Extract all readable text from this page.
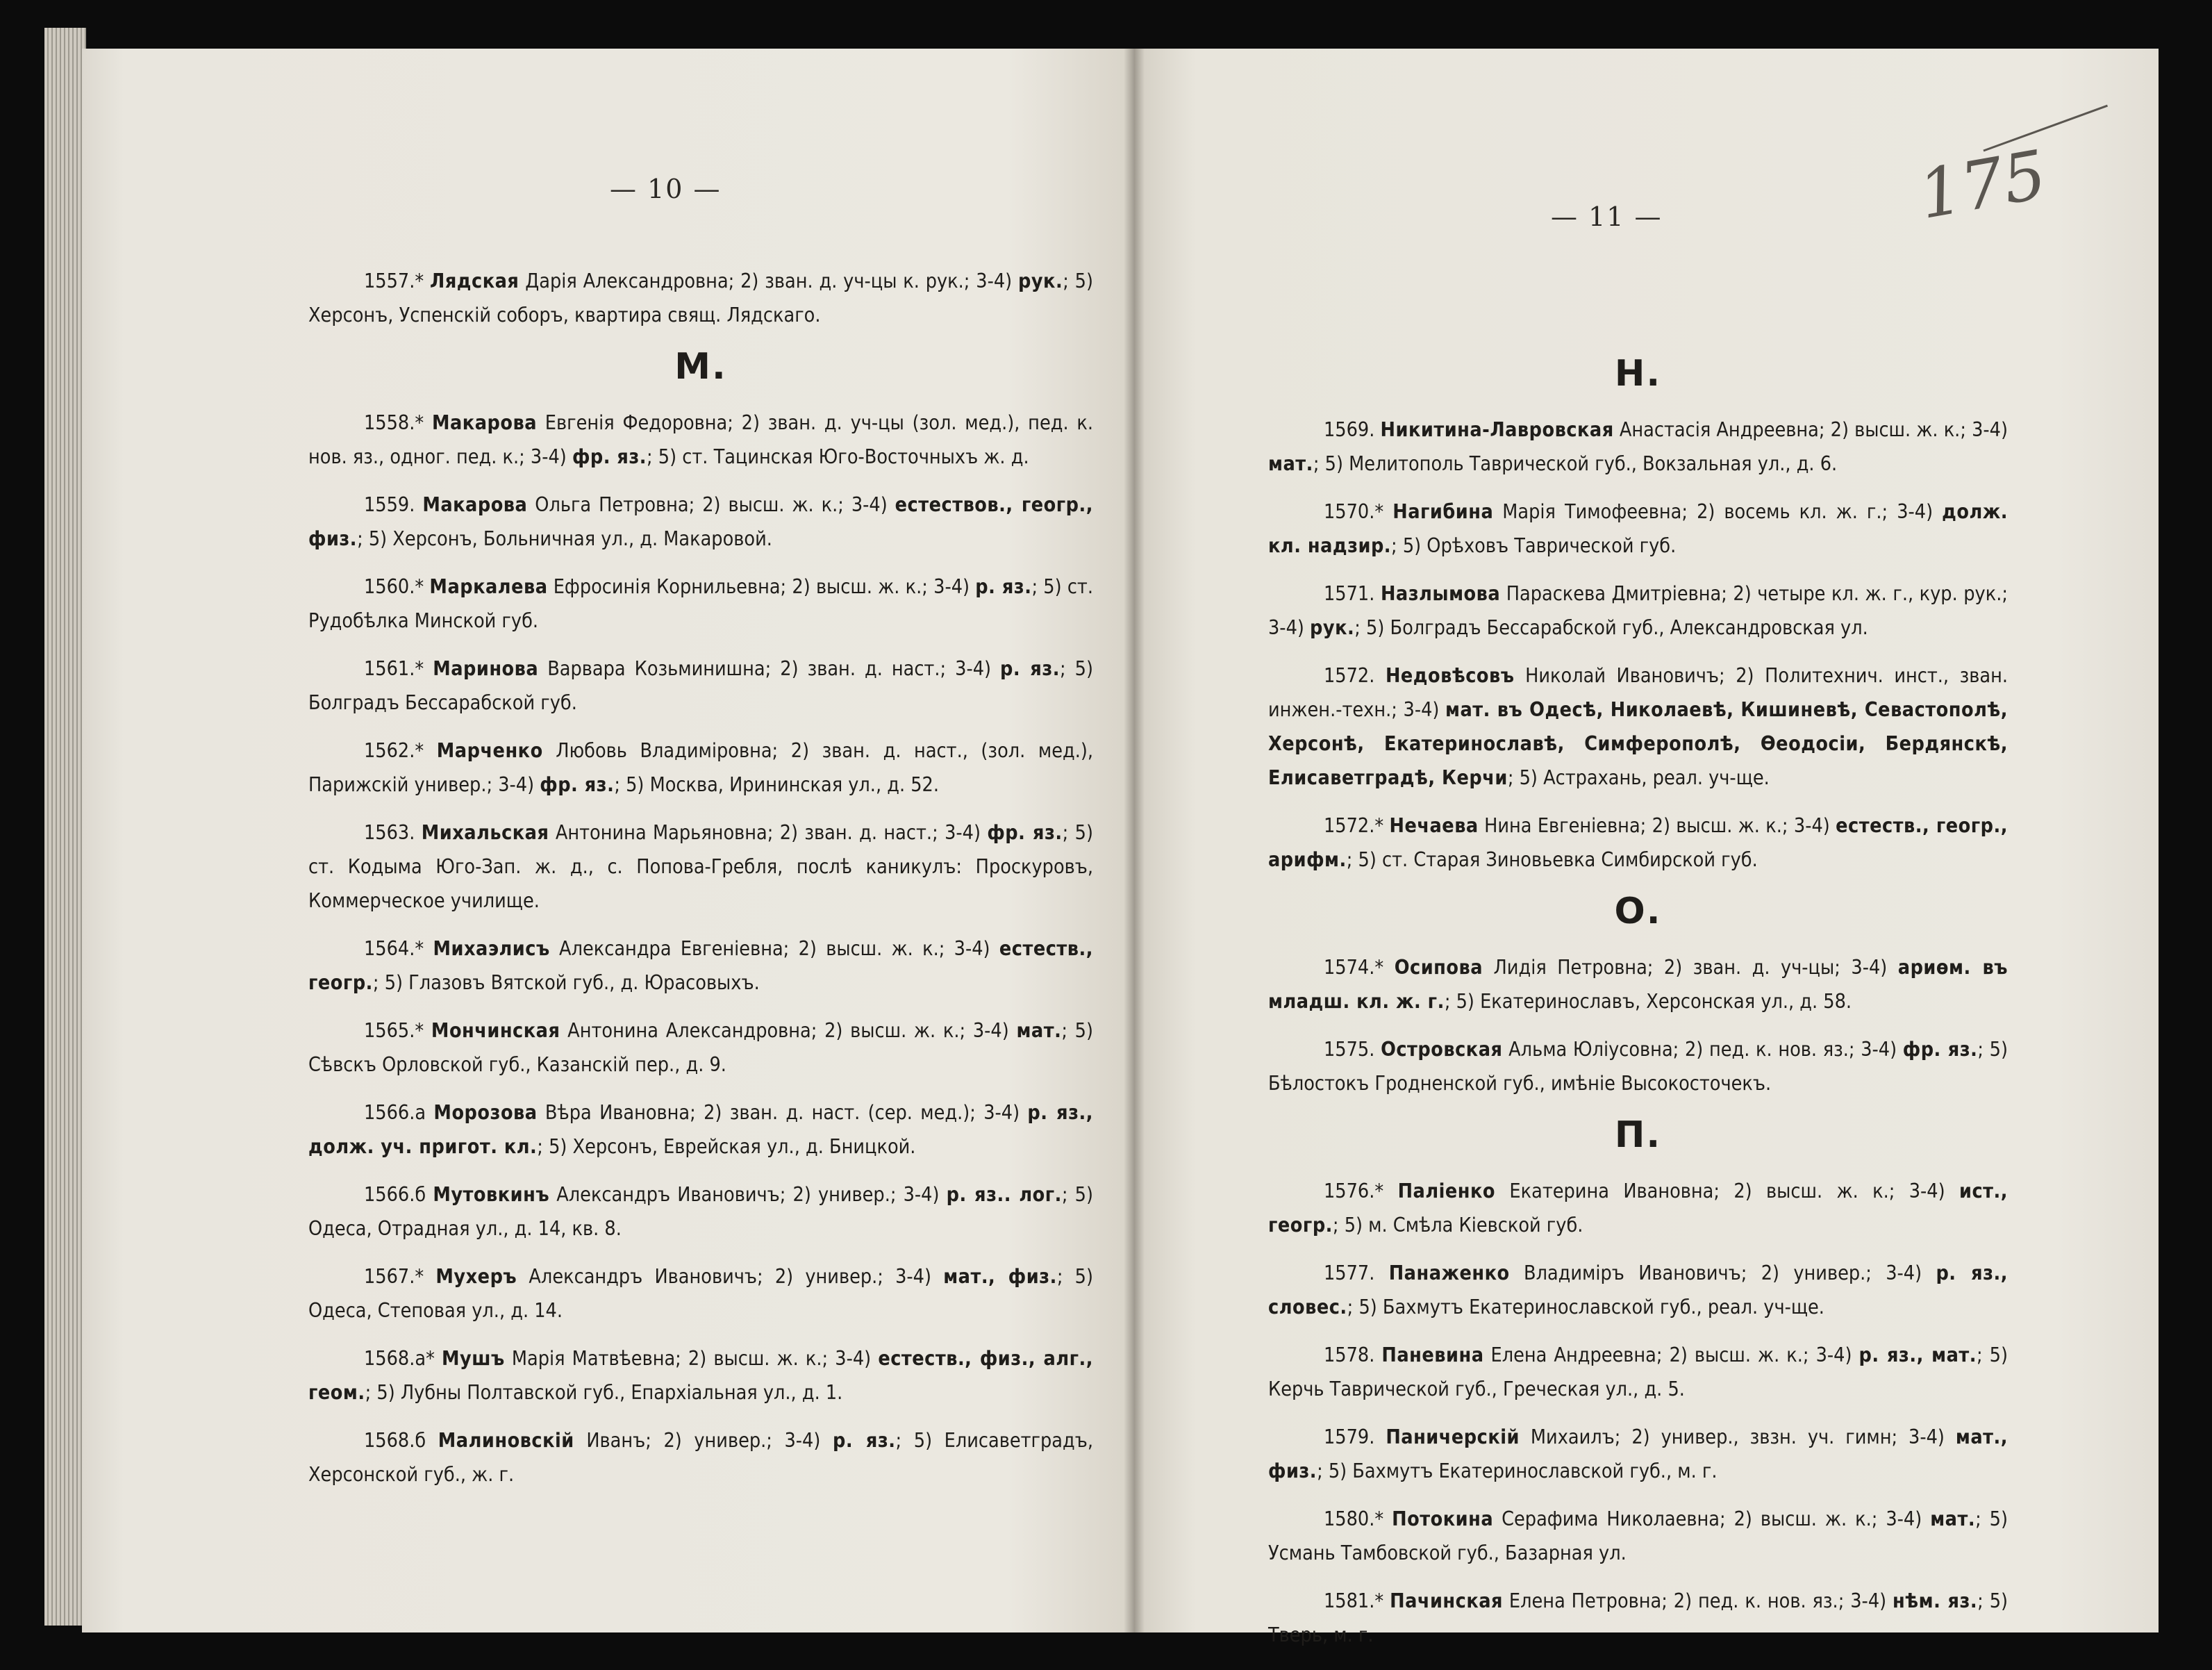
— 10 —

1557.* Лядская Дарія Александровна; 2) зван. д. уч-цы к. рук.; 3-4) рук.; 5) Херсонъ, Успенскій соборъ, квартира свящ. Лядскаго.

М.

1558.* Макарова Евгенія Федоровна; 2) зван. д. уч-цы (зол. мед.), пед. к. нов. яз., одног. пед. к.; 3-4) фр. яз.; 5) ст. Тацинская Юго-Восточныхъ ж. д.

1559. Макарова Ольга Петровна; 2) высш. ж. к.; 3-4) естествов., геогр., физ.; 5) Херсонъ, Больничная ул., д. Макаровой.

1560.* Маркалева Ефросинія Корнильевна; 2) высш. ж. к.; 3-4) р. яз.; 5) ст. Рудобѣлка Минской губ.

1561.* Маринова Варвара Козьминишна; 2) зван. д. наст.; 3-4) р. яз.; 5) Болградъ Бессарабской губ.

1562.* Марченко Любовь Владиміровна; 2) зван. д. наст., (зол. мед.), Парижскій универ.; 3-4) фр. яз.; 5) Москва, Ирининская ул., д. 52.

1563. Михальская Антонина Марьяновна; 2) зван. д. наст.; 3-4) фр. яз.; 5) ст. Кодыма Юго-Зап. ж. д., с. Попова-Гребля, послѣ каникулъ: Проскуровъ, Коммерческое училище.

1564.* Михаэлисъ Александра Евгеніевна; 2) высш. ж. к.; 3-4) естеств., геогр.; 5) Глазовъ Вятской губ., д. Юрасовыхъ.

1565.* Мончинская Антонина Александровна; 2) высш. ж. к.; 3-4) мат.; 5) Сѣвскъ Орловской губ., Казанскій пер., д. 9.

1566.а Морозова Вѣра Ивановна; 2) зван. д. наст. (сер. мед.); 3-4) р. яз., долж. уч. пригот. кл.; 5) Херсонъ, Еврейская ул., д. Бницкой.

1566.б Мутовкинъ Александръ Ивановичъ; 2) универ.; 3-4) р. яз.. лог.; 5) Одеса, Отрадная ул., д. 14, кв. 8.

1567.* Мухеръ Александръ Ивановичъ; 2) универ.; 3-4) мат., физ.; 5) Одеса, Степовая ул., д. 14.

1568.а* Мушъ Марія Матвѣевна; 2) высш. ж. к.; 3-4) естеств., физ., алг., геом.; 5) Лубны Полтавской губ., Епархіальная ул., д. 1.

1568.б Малиновскій Иванъ; 2) универ.; 3-4) р. яз.; 5) Елисаветградъ, Херсонской губ., ж. г.

— 11 —	175
Н.

1569. Никитина-Лавровская Анастасія Андреевна; 2) высш. ж. к.; 3-4) мат.; 5) Мелитополь Таврической губ., Вокзальная ул., д. 6.

1570.* Нагибина Марія Тимофеевна; 2) восемь кл. ж. г.; 3-4) долж. кл. надзир.; 5) Орѣховъ Таврической губ.

1571. Назлымова Параскева Дмитріевна; 2) четыре кл. ж. г., кур. рук.; 3-4) рук.; 5) Болградъ Бессарабской губ., Александровская ул.

1572. Недовѣсовъ Николай Ивановичъ; 2) Политехнич. инст., зван. инжен.-техн.; 3-4) мат. въ Одесѣ, Николаевѣ, Кишиневѣ, Севастополѣ, Херсонѣ, Екатеринославѣ, Симферополѣ, Ѳеодосіи, Бердянскѣ, Елисаветградѣ, Керчи; 5) Астрахань, реал. уч-ще.

1572.* Нечаева Нина Евгеніевна; 2) высш. ж. к.; 3-4) естеств., геогр., арифм.; 5) ст. Старая Зиновьевка Симбирской губ.

О.

1574.* Осипова Лидія Петровна; 2) зван. д. уч-цы; 3-4) ариѳм. въ младш. кл. ж. г.; 5) Екатеринославъ, Херсонская ул., д. 58.

1575. Островская Альма Юліусовна; 2) пед. к. нов. яз.; 3-4) фр. яз.; 5) Бѣлостокъ Гродненской губ., имѣніе Высокосточекъ.

П.

1576.* Паліенко Екатерина Ивановна; 2) высш. ж. к.; 3-4) ист., геогр.; 5) м. Смѣла Кіевской губ.

1577. Панаженко Владиміръ Ивановичъ; 2) универ.; 3-4) р. яз., словес.; 5) Бахмутъ Екатеринославской губ., реал. уч-ще.

1578. Паневина Елена Андреевна; 2) высш. ж. к.; 3-4) р. яз., мат.; 5) Керчь Таврической губ., Греческая ул., д. 5.

1579. Паничерскій Михаилъ; 2) универ., звзн. уч. гимн; 3-4) мат., физ.; 5) Бахмутъ Екатеринославской губ., м. г.

1580.* Потокина Серафима Николаевна; 2) высш. ж. к.; 3-4) мат.; 5) Усмань Тамбовской губ., Базарная ул.

1581.* Пачинская Елена Петровна; 2) пед. к. нов. яз.; 3-4) нѣм. яз.; 5) Тверь, м. г.
